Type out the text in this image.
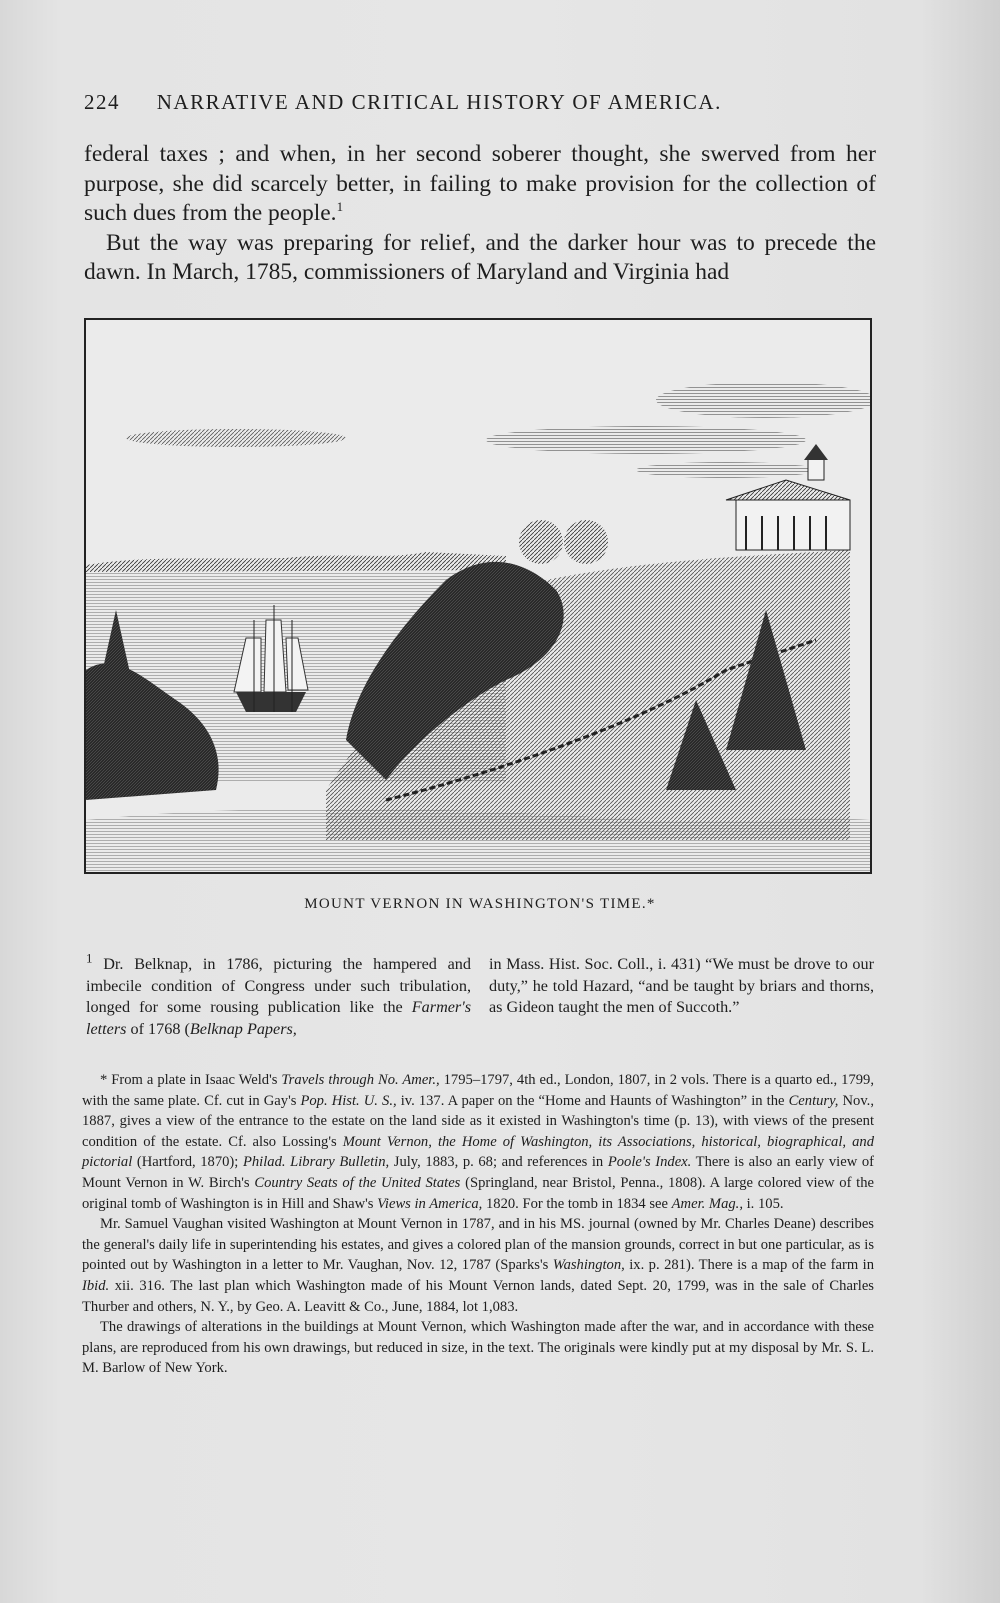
224 NARRATIVE AND CRITICAL HISTORY OF AMERICA.

federal taxes ; and when, in her second soberer thought, she swerved from her purpose, she did scarcely better, in failing to make provision for the collection of such dues from the people.$^1$

But the way was preparing for relief, and the darker hour was to precede the dawn. In March, 1785, commissioners of Maryland and Virginia had

MOUNT VERNON IN WASHINGTON'S TIME.*
$^1$ Dr. Belknap, in 1786, picturing the hampered and imbecile condition of Congress under such tribulation, longed for some rousing publication like the Farmer's letters of 1768 (Belknap Papers,
in Mass. Hist. Soc. Coll., i. 431) “We must be drove to our duty,” he told Hazard, “and be taught by briars and thorns, as Gideon taught the men of Succoth.”

* From a plate in Isaac Weld's Travels through No. Amer., 1795–1797, 4th ed., London, 1807, in 2 vols. There is a quarto ed., 1799, with the same plate. Cf. cut in Gay's Pop. Hist. U. S., iv. 137. A paper on the “Home and Haunts of Washington” in the Century, Nov., 1887, gives a view of the entrance to the estate on the land side as it existed in Washington's time (p. 13), with views of the present condition of the estate. Cf. also Lossing's Mount Vernon, the Home of Washington, its Associations, historical, biographical, and pictorial (Hartford, 1870); Philad. Library Bulletin, July, 1883, p. 68; and references in Poole's Index. There is also an early view of Mount Vernon in W. Birch's Country Seats of the United States (Springland, near Bristol, Penna., 1808). A large colored view of the original tomb of Washington is in Hill and Shaw's Views in America, 1820. For the tomb in 1834 see Amer. Mag., i. 105.

Mr. Samuel Vaughan visited Washington at Mount Vernon in 1787, and in his MS. journal (owned by Mr. Charles Deane) describes the general's daily life in superintending his estates, and gives a colored plan of the mansion grounds, correct in but one particular, as is pointed out by Washington in a letter to Mr. Vaughan, Nov. 12, 1787 (Sparks's Washington, ix. p. 281). There is a map of the farm in Ibid. xii. 316. The last plan which Washington made of his Mount Vernon lands, dated Sept. 20, 1799, was in the sale of Charles Thurber and others, N. Y., by Geo. A. Leavitt & Co., June, 1884, lot 1,083.

The drawings of alterations in the buildings at Mount Vernon, which Washington made after the war, and in accordance with these plans, are reproduced from his own drawings, but reduced in size, in the text. The originals were kindly put at my disposal by Mr. S. L. M. Barlow of New York.
